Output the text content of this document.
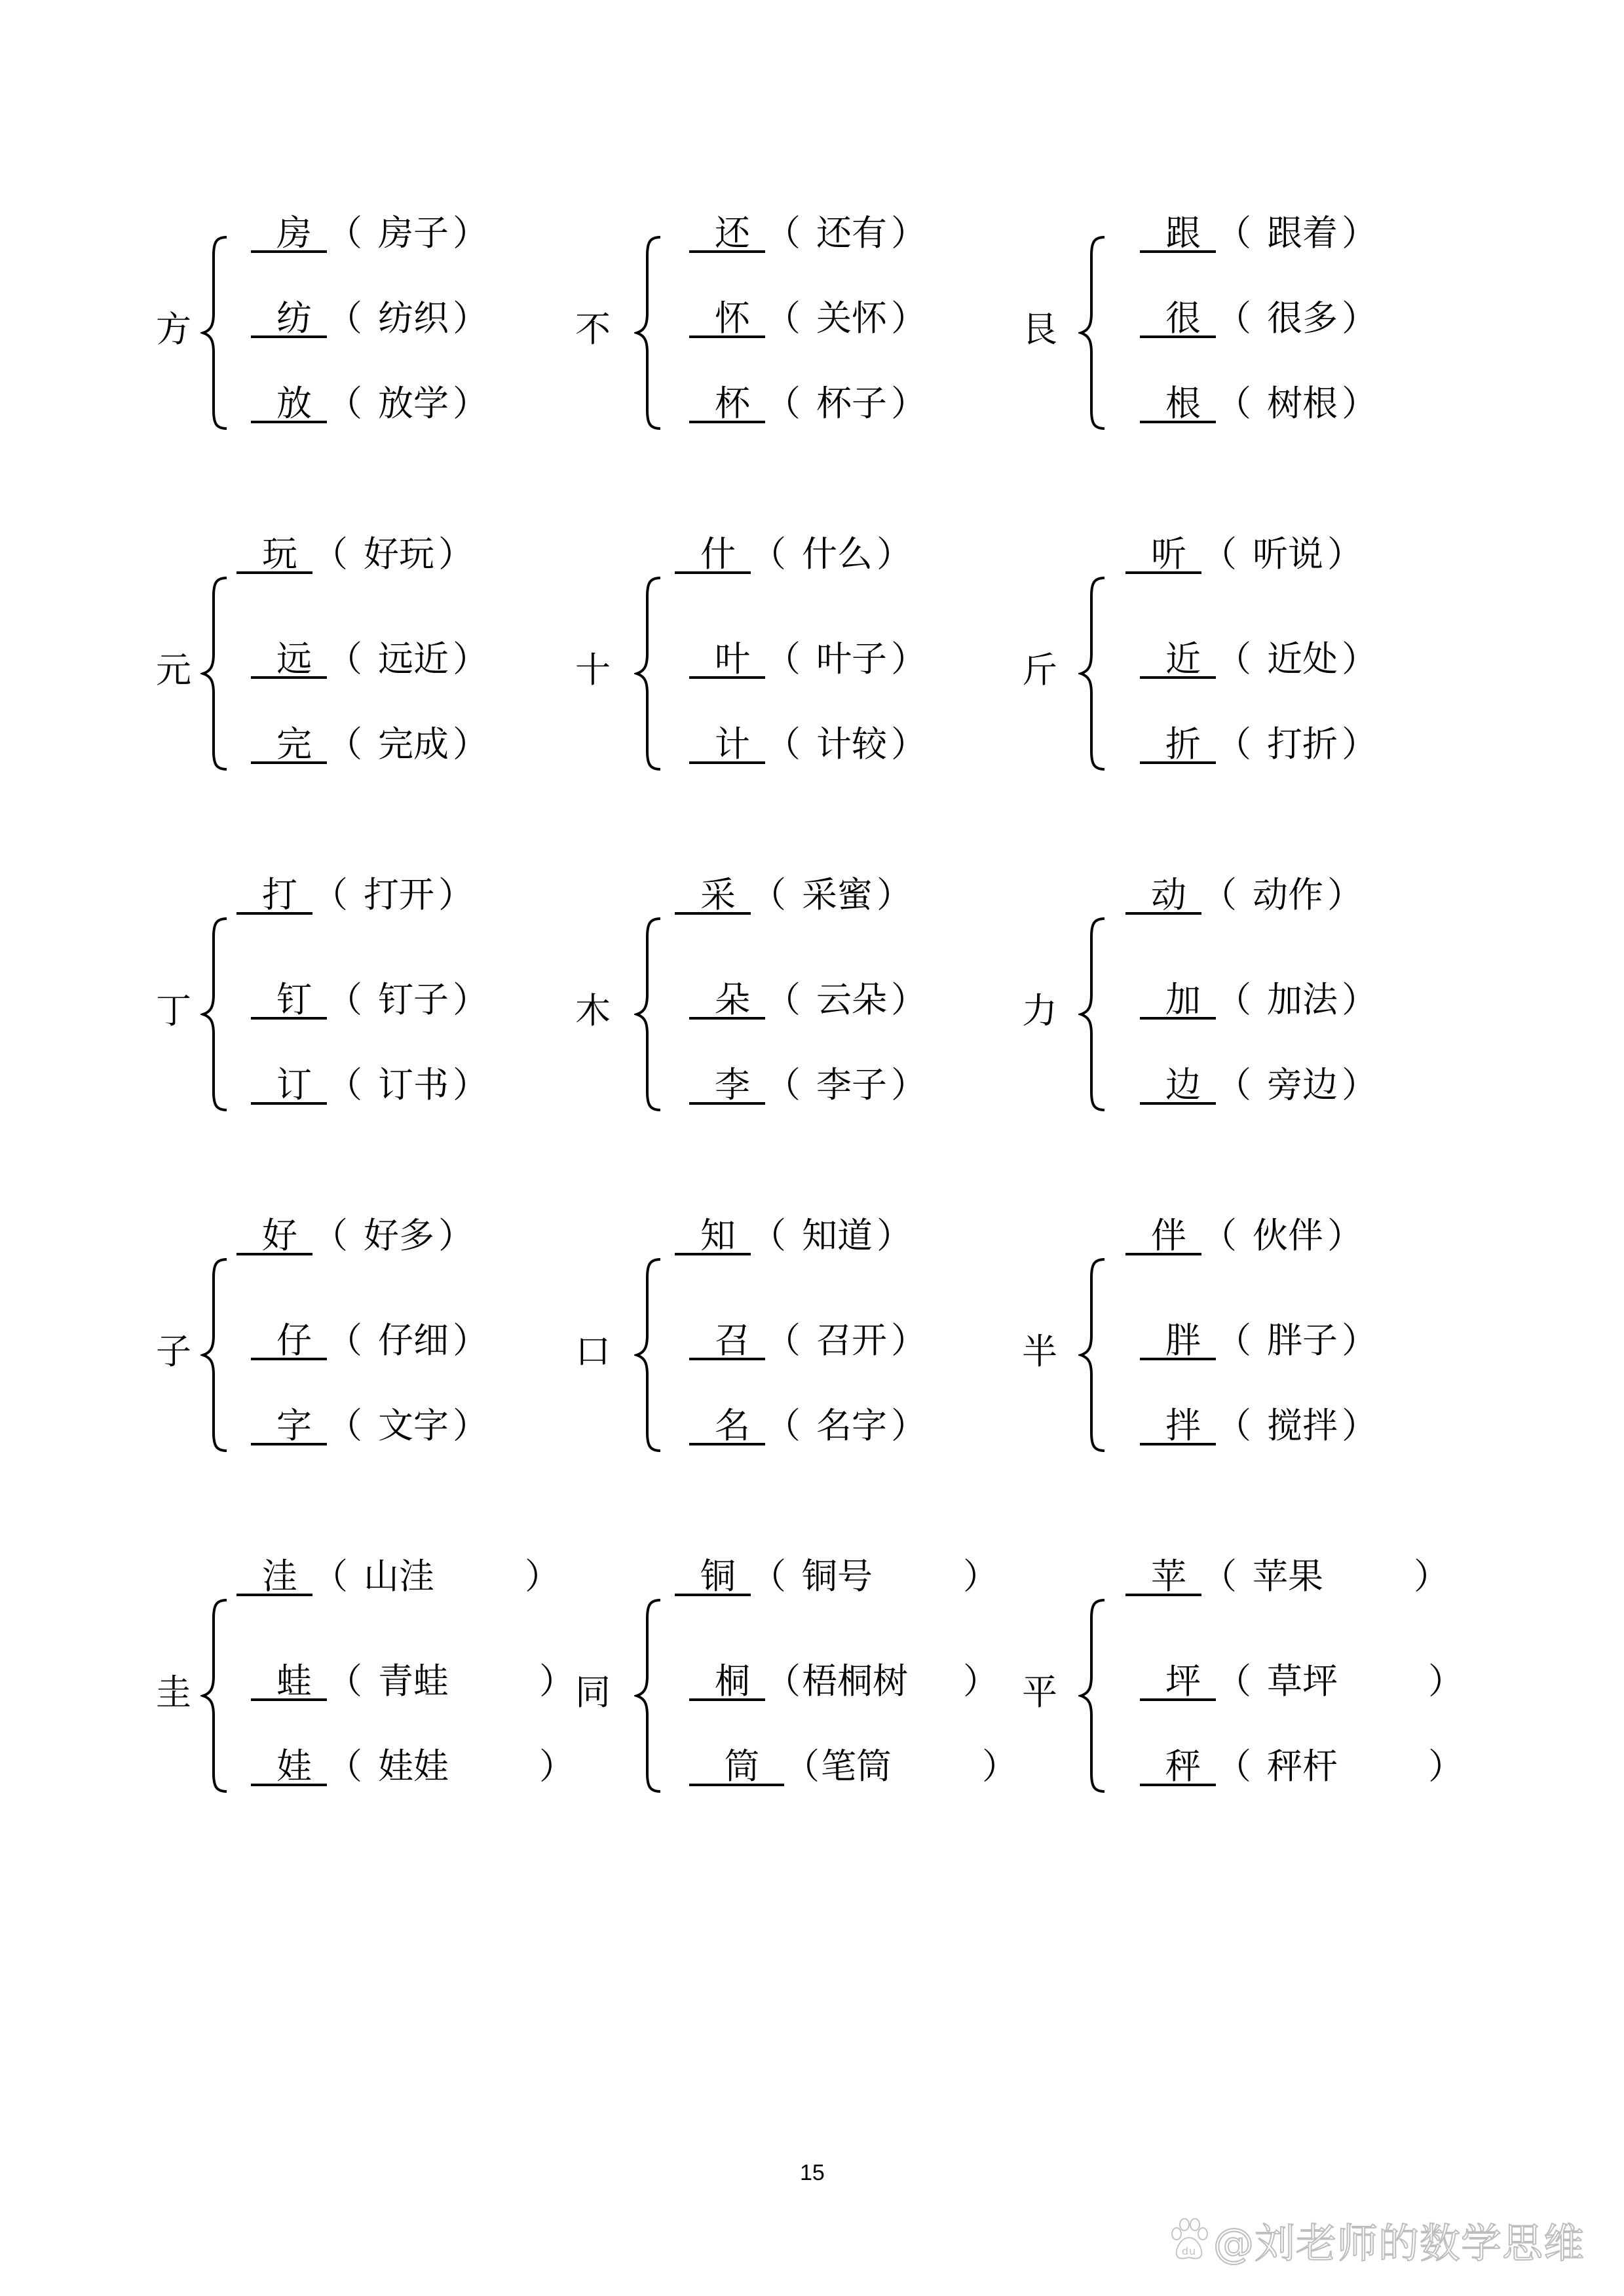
方
房 （ 房子 ）
纺 （ 纺织 ）
放 （ 放学 ）
不
还 （ 还有 ）
怀 （ 关怀 ）
杯 （ 杯子 ）
艮
跟 （ 跟着 ）
很 （ 很多 ）
根 （ 树根 ）
元
玩 （ 好玩 ）
远 （ 远近 ）
完 （ 完成 ）
十
什 （ 什么 ）
叶 （ 叶子 ）
计 （ 计较 ）
斤
听 （ 听说 ）
近 （ 近处 ）
折 （ 打折 ）
丁
打 （ 打开 ）
钉 （ 钉子 ）
订 （ 订书 ）
木
采 （ 采蜜 ）
朵 （ 云朵 ）
李 （ 李子 ）
力
动 （ 动作 ）
加 （ 加法 ）
边 （ 旁边 ）
子
好 （ 好多 ）
仔 （ 仔细 ）
字 （ 文字 ）
口
知 （ 知道 ）
召 （ 召开 ）
名 （ 名字 ）
半
伴 （ 伙伴 ）
胖 （ 胖子 ）
拌 （ 搅拌 ）
圭
洼 （ 山洼	）
蛙 （ 青蛙	）
娃 （ 娃娃	）
同
铜 （ 铜号	）
桐 （梧桐树 ）
筒 （笔筒	）
平
苹 （ 苹果	）
坪 （ 草坪	）
秤 （ 秤杆	）
15
du @刘老师的数学思维
